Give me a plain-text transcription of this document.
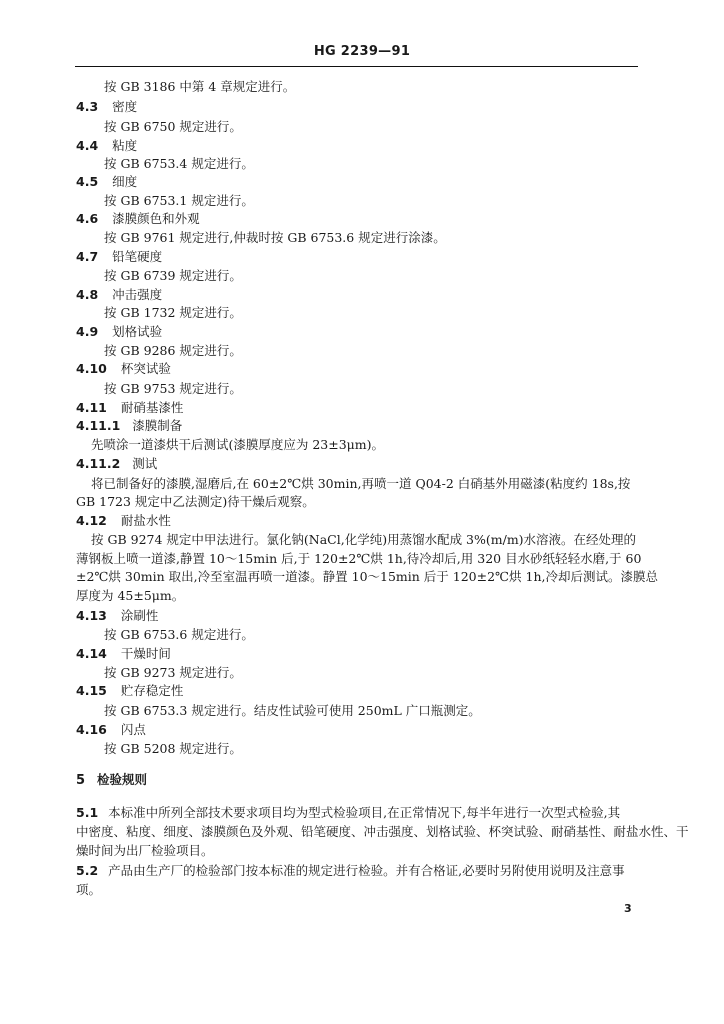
HG 2239—91
按 GB 3186 中第 4 章规定进行。
4.3 密度
按 GB 6750 规定进行。
4.4 粘度
按 GB 6753.4 规定进行。
4.5 细度
按 GB 6753.1 规定进行。
4.6 漆膜颜色和外观
按 GB 9761 规定进行,仲裁时按 GB 6753.6 规定进行涂漆。
4.7 铅笔硬度
按 GB 6739 规定进行。
4.8 冲击强度
按 GB 1732 规定进行。
4.9 划格试验
按 GB 9286 规定进行。
4.10 杯突试验
按 GB 9753 规定进行。
4.11 耐硝基漆性
4.11.1 漆膜制备
先喷涂一道漆烘干后测试(漆膜厚度应为 23±3μm)。
4.11.2 测试
将已制备好的漆膜,湿磨后,在 60±2℃烘 30min,再喷一道 Q04-2 白硝基外用磁漆(粘度约 18s,按
GB 1723 规定中乙法测定)待干燥后观察。
4.12 耐盐水性
按 GB 9274 规定中甲法进行。氯化钠(NaCl,化学纯)用蒸馏水配成 3%(m/m)水溶液。在经处理的
薄钢板上喷一道漆,静置 10～15min 后,于 120±2℃烘 1h,待冷却后,用 320 目水砂纸轻轻水磨,于 60
±2℃烘 30min 取出,冷至室温再喷一道漆。静置 10～15min 后于 120±2℃烘 1h,冷却后测试。漆膜总
厚度为 45±5μm。
4.13 涂刷性
按 GB 6753.6 规定进行。
4.14 干燥时间
按 GB 9273 规定进行。
4.15 贮存稳定性
按 GB 6753.3 规定进行。结皮性试验可使用 250mL 广口瓶测定。
4.16 闪点
按 GB 5208 规定进行。
5 检验规则
5.1 本标准中所列全部技术要求项目均为型式检验项目,在正常情况下,每半年进行一次型式检验,其
中密度、粘度、细度、漆膜颜色及外观、铅笔硬度、冲击强度、划格试验、杯突试验、耐硝基性、耐盐水性、干
燥时间为出厂检验项目。
5.2 产品由生产厂的检验部门按本标准的规定进行检验。并有合格证,必要时另附使用说明及注意事
项。
3
